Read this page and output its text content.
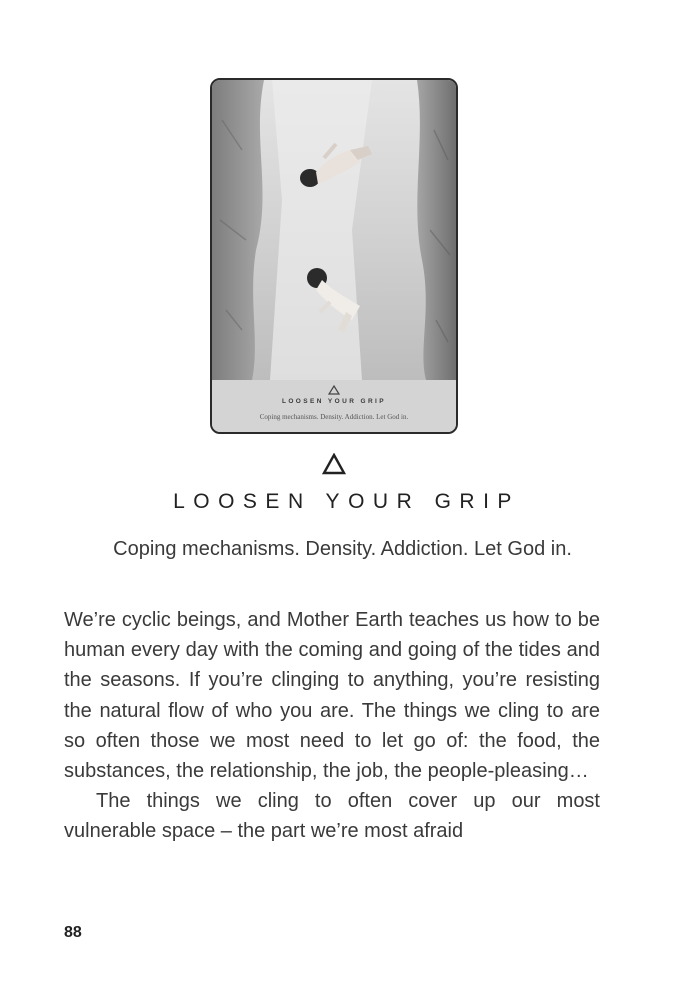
LOOSEN YOUR GRIP
Coping mechanisms. Density. Addiction. Let God in.
LOOSEN YOUR GRIP
Coping mechanisms. Density. Addiction. Let God in.

We’re cyclic beings, and Mother Earth teaches us how to be human every day with the coming and going of the tides and the seasons. If you’re clinging to anything, you’re resisting the natural flow of who you are. The things we cling to are so often those we most need to let go of: the food, the substances, the relationship, the job, the people-pleasing…

The things we cling to often cover up our most vulnerable space – the part we’re most afraid

88
